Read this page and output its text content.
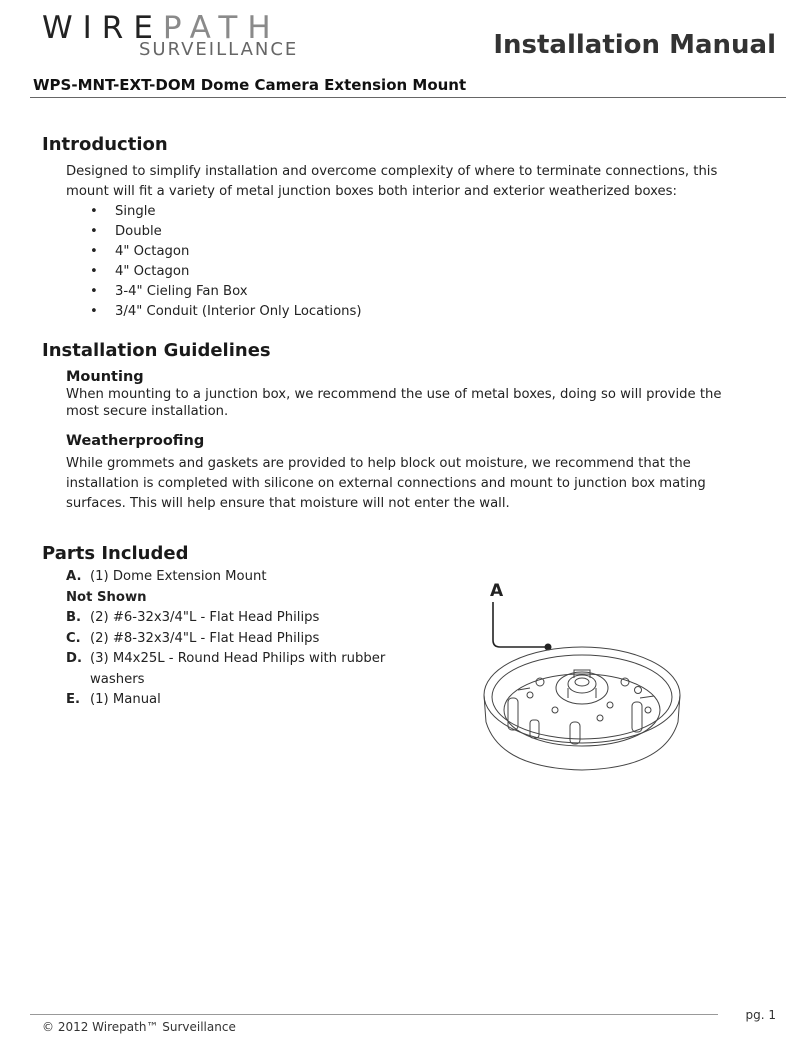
WIREPATH
SURVEILLANCE	Installation Manual
WPS-MNT-EXT-DOM Dome Camera Extension Mount
Introduction
Designed to simplify installation and overcome complexity of where to terminate connections, this mount will fit a variety of metal junction boxes both interior and exterior weatherized boxes:
• Single
• Double
• 4" Octagon
• 4" Octagon
• 3-4" Cieling Fan Box
• 3/4" Conduit (Interior Only Locations)
Installation Guidelines
Mounting
When mounting to a junction box, we recommend the use of metal boxes, doing so will provide the most secure installation.
Weatherproofing
While grommets and gaskets are provided to help block out moisture, we recommend that the installation is completed with silicone on external connections and mount to junction box mating surfaces. This will help ensure that moisture will not enter the wall.
Parts Included
A. (1) Dome Extension Mount
Not Shown
B. (2) #6-32x3/4"L - Flat Head Philips
C. (2) #8-32x3/4"L - Flat Head Philips
D. (3) M4x25L - Round Head Philips with rubber washers
E. (1) Manual
A
pg. 1
© 2012 Wirepath™ Surveillance
